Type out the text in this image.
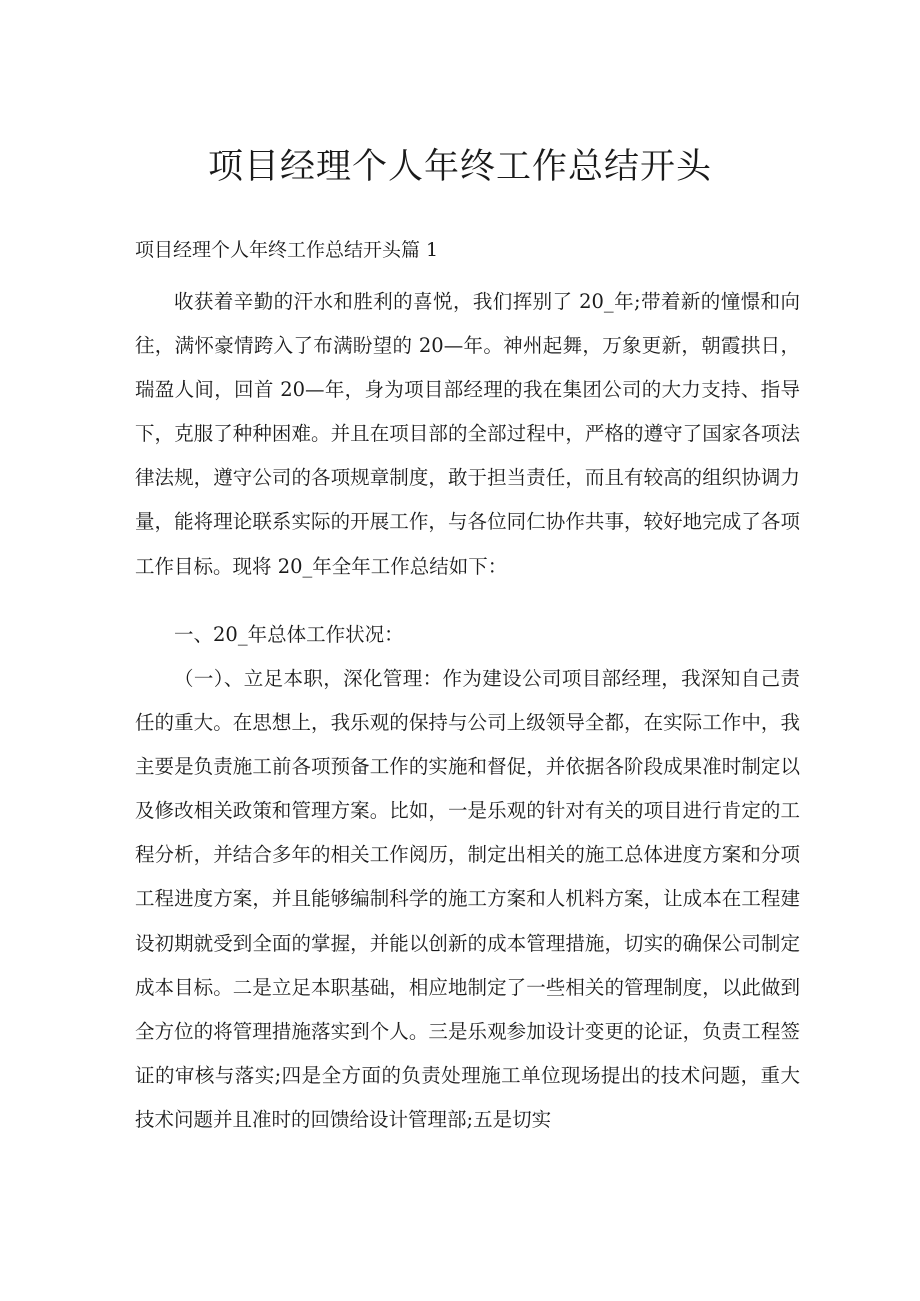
项目经理个人年终工作总结开头

项目经理个人年终工作总结开头篇 1

收获着辛勤的汗水和胜利的喜悦，我们挥别了 20_年;带着新的憧憬和向往，满怀豪情跨入了布满盼望的 20—年。神州起舞，万象更新，朝霞拱日，瑞盈人间，回首 20—年，身为项目部经理的我在集团公司的大力支持、指导下，克服了种种困难。并且在项目部的全部过程中，严格的遵守了国家各项法律法规，遵守公司的各项规章制度，敢于担当责任，而且有较高的组织协调力量，能将理论联系实际的开展工作，与各位同仁协作共事，较好地完成了各项工作目标。现将 20_年全年工作总结如下：

一、20_年总体工作状况：

（一）、立足本职，深化管理：作为建设公司项目部经理，我深知自己责任的重大。在思想上，我乐观的保持与公司上级领导全都，在实际工作中，我主要是负责施工前各项预备工作的实施和督促，并依据各阶段成果准时制定以及修改相关政策和管理方案。比如，一是乐观的针对有关的项目进行肯定的工程分析，并结合多年的相关工作阅历，制定出相关的施工总体进度方案和分项工程进度方案，并且能够编制科学的施工方案和人机料方案，让成本在工程建设初期就受到全面的掌握，并能以创新的成本管理措施，切实的确保公司制定成本目标。二是立足本职基础，相应地制定了一些相关的管理制度，以此做到全方位的将管理措施落实到个人。三是乐观参加设计变更的论证，负责工程签证的审核与落实;四是全方面的负责处理施工单位现场提出的技术问题，重大技术问题并且准时的回馈给设计管理部;五是切实
